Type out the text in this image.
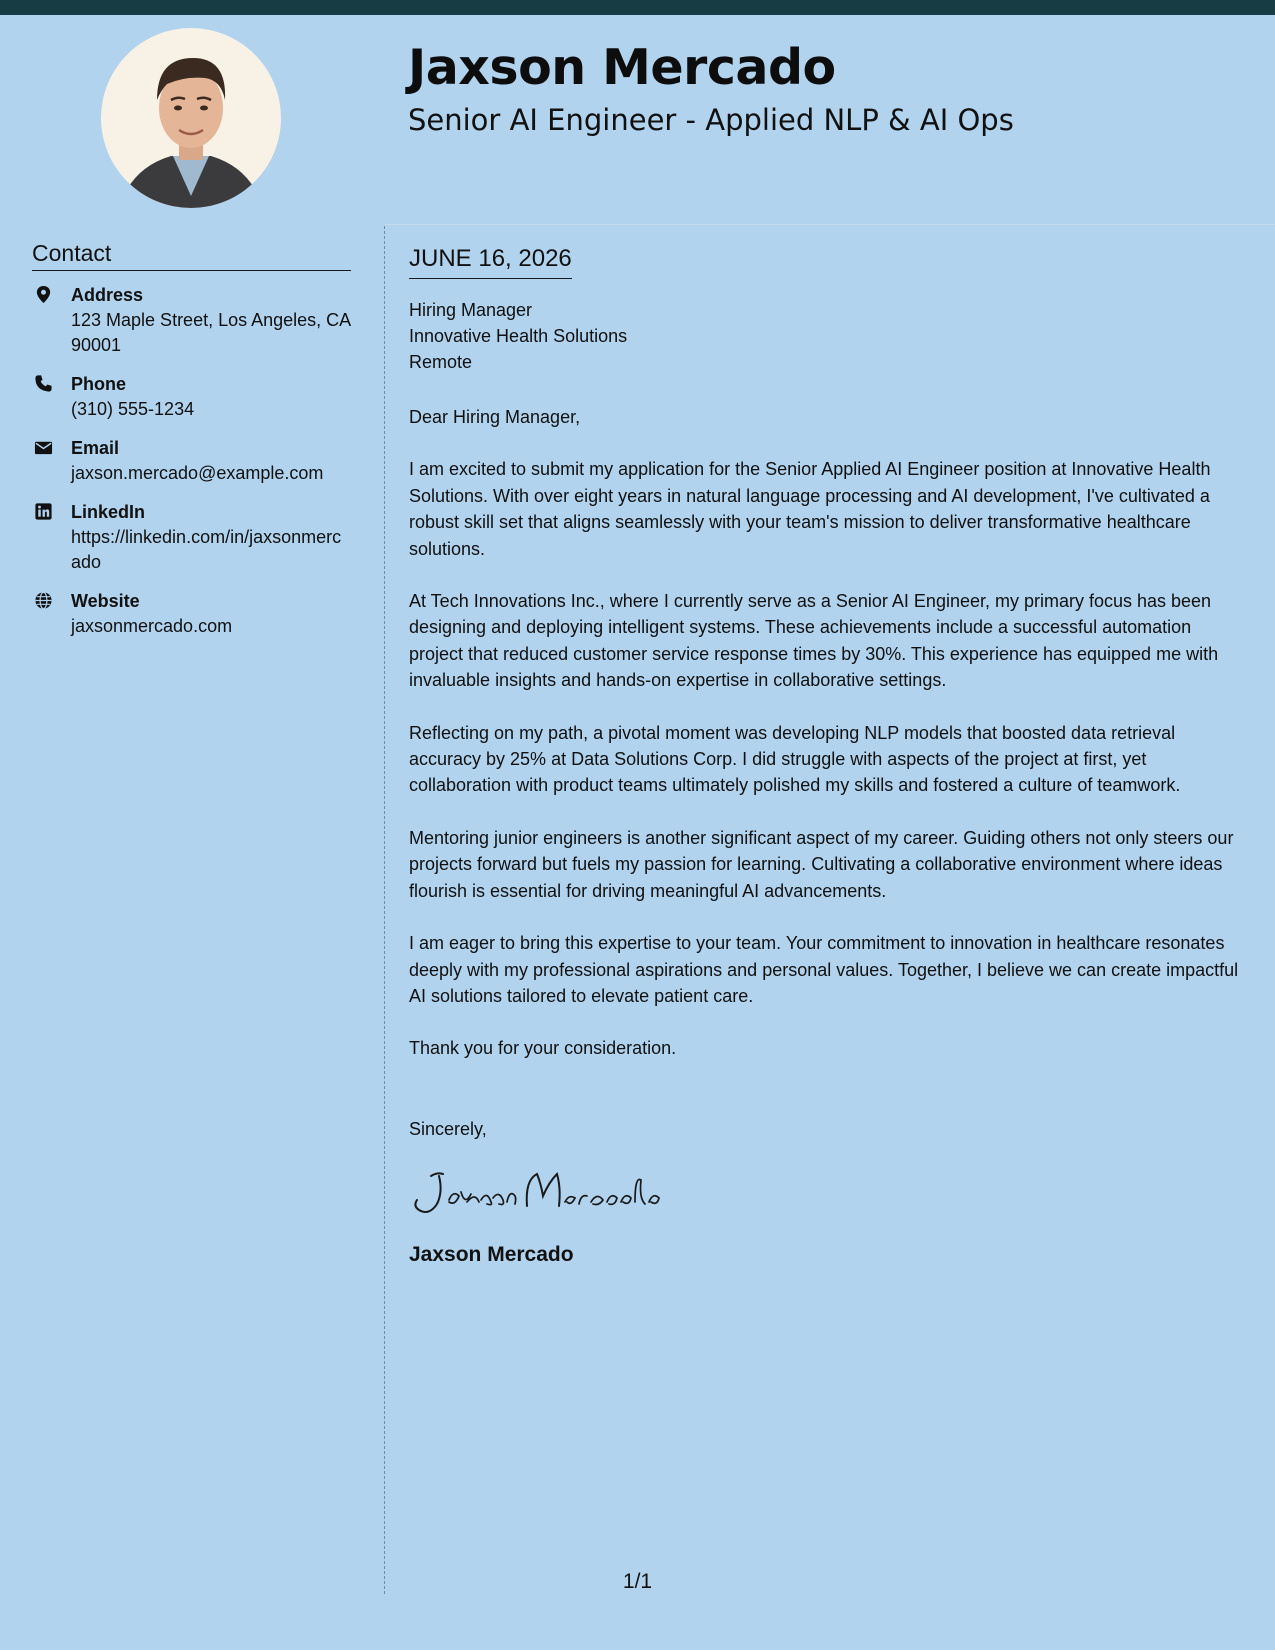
Jaxson Mercado
Senior AI Engineer - Applied NLP & AI Ops
Contact
Address
123 Maple Street, Los Angeles, CA 90001
Phone
(310) 555-1234
Email
jaxson.mercado@example.com
LinkedIn
https://linkedin.com/in/jaxsonmercado
Website
jaxsonmercado.com
JUNE 16, 2026
Hiring Manager
Innovative Health Solutions
Remote
Dear Hiring Manager,
I am excited to submit my application for the Senior Applied AI Engineer position at Innovative Health Solutions. With over eight years in natural language processing and AI development, I've cultivated a robust skill set that aligns seamlessly with your team's mission to deliver transformative healthcare solutions.
At Tech Innovations Inc., where I currently serve as a Senior AI Engineer, my primary focus has been designing and deploying intelligent systems. These achievements include a successful automation project that reduced customer service response times by 30%. This experience has equipped me with invaluable insights and hands-on expertise in collaborative settings.
Reflecting on my path, a pivotal moment was developing NLP models that boosted data retrieval accuracy by 25% at Data Solutions Corp. I did struggle with aspects of the project at first, yet collaboration with product teams ultimately polished my skills and fostered a culture of teamwork.
Mentoring junior engineers is another significant aspect of my career. Guiding others not only steers our projects forward but fuels my passion for learning. Cultivating a collaborative environment where ideas flourish is essential for driving meaningful AI advancements.
I am eager to bring this expertise to your team. Your commitment to innovation in healthcare resonates deeply with my professional aspirations and personal values. Together, I believe we can create impactful AI solutions tailored to elevate patient care.
Thank you for your consideration.
Sincerely,
Jaxson Mercado
1/1
